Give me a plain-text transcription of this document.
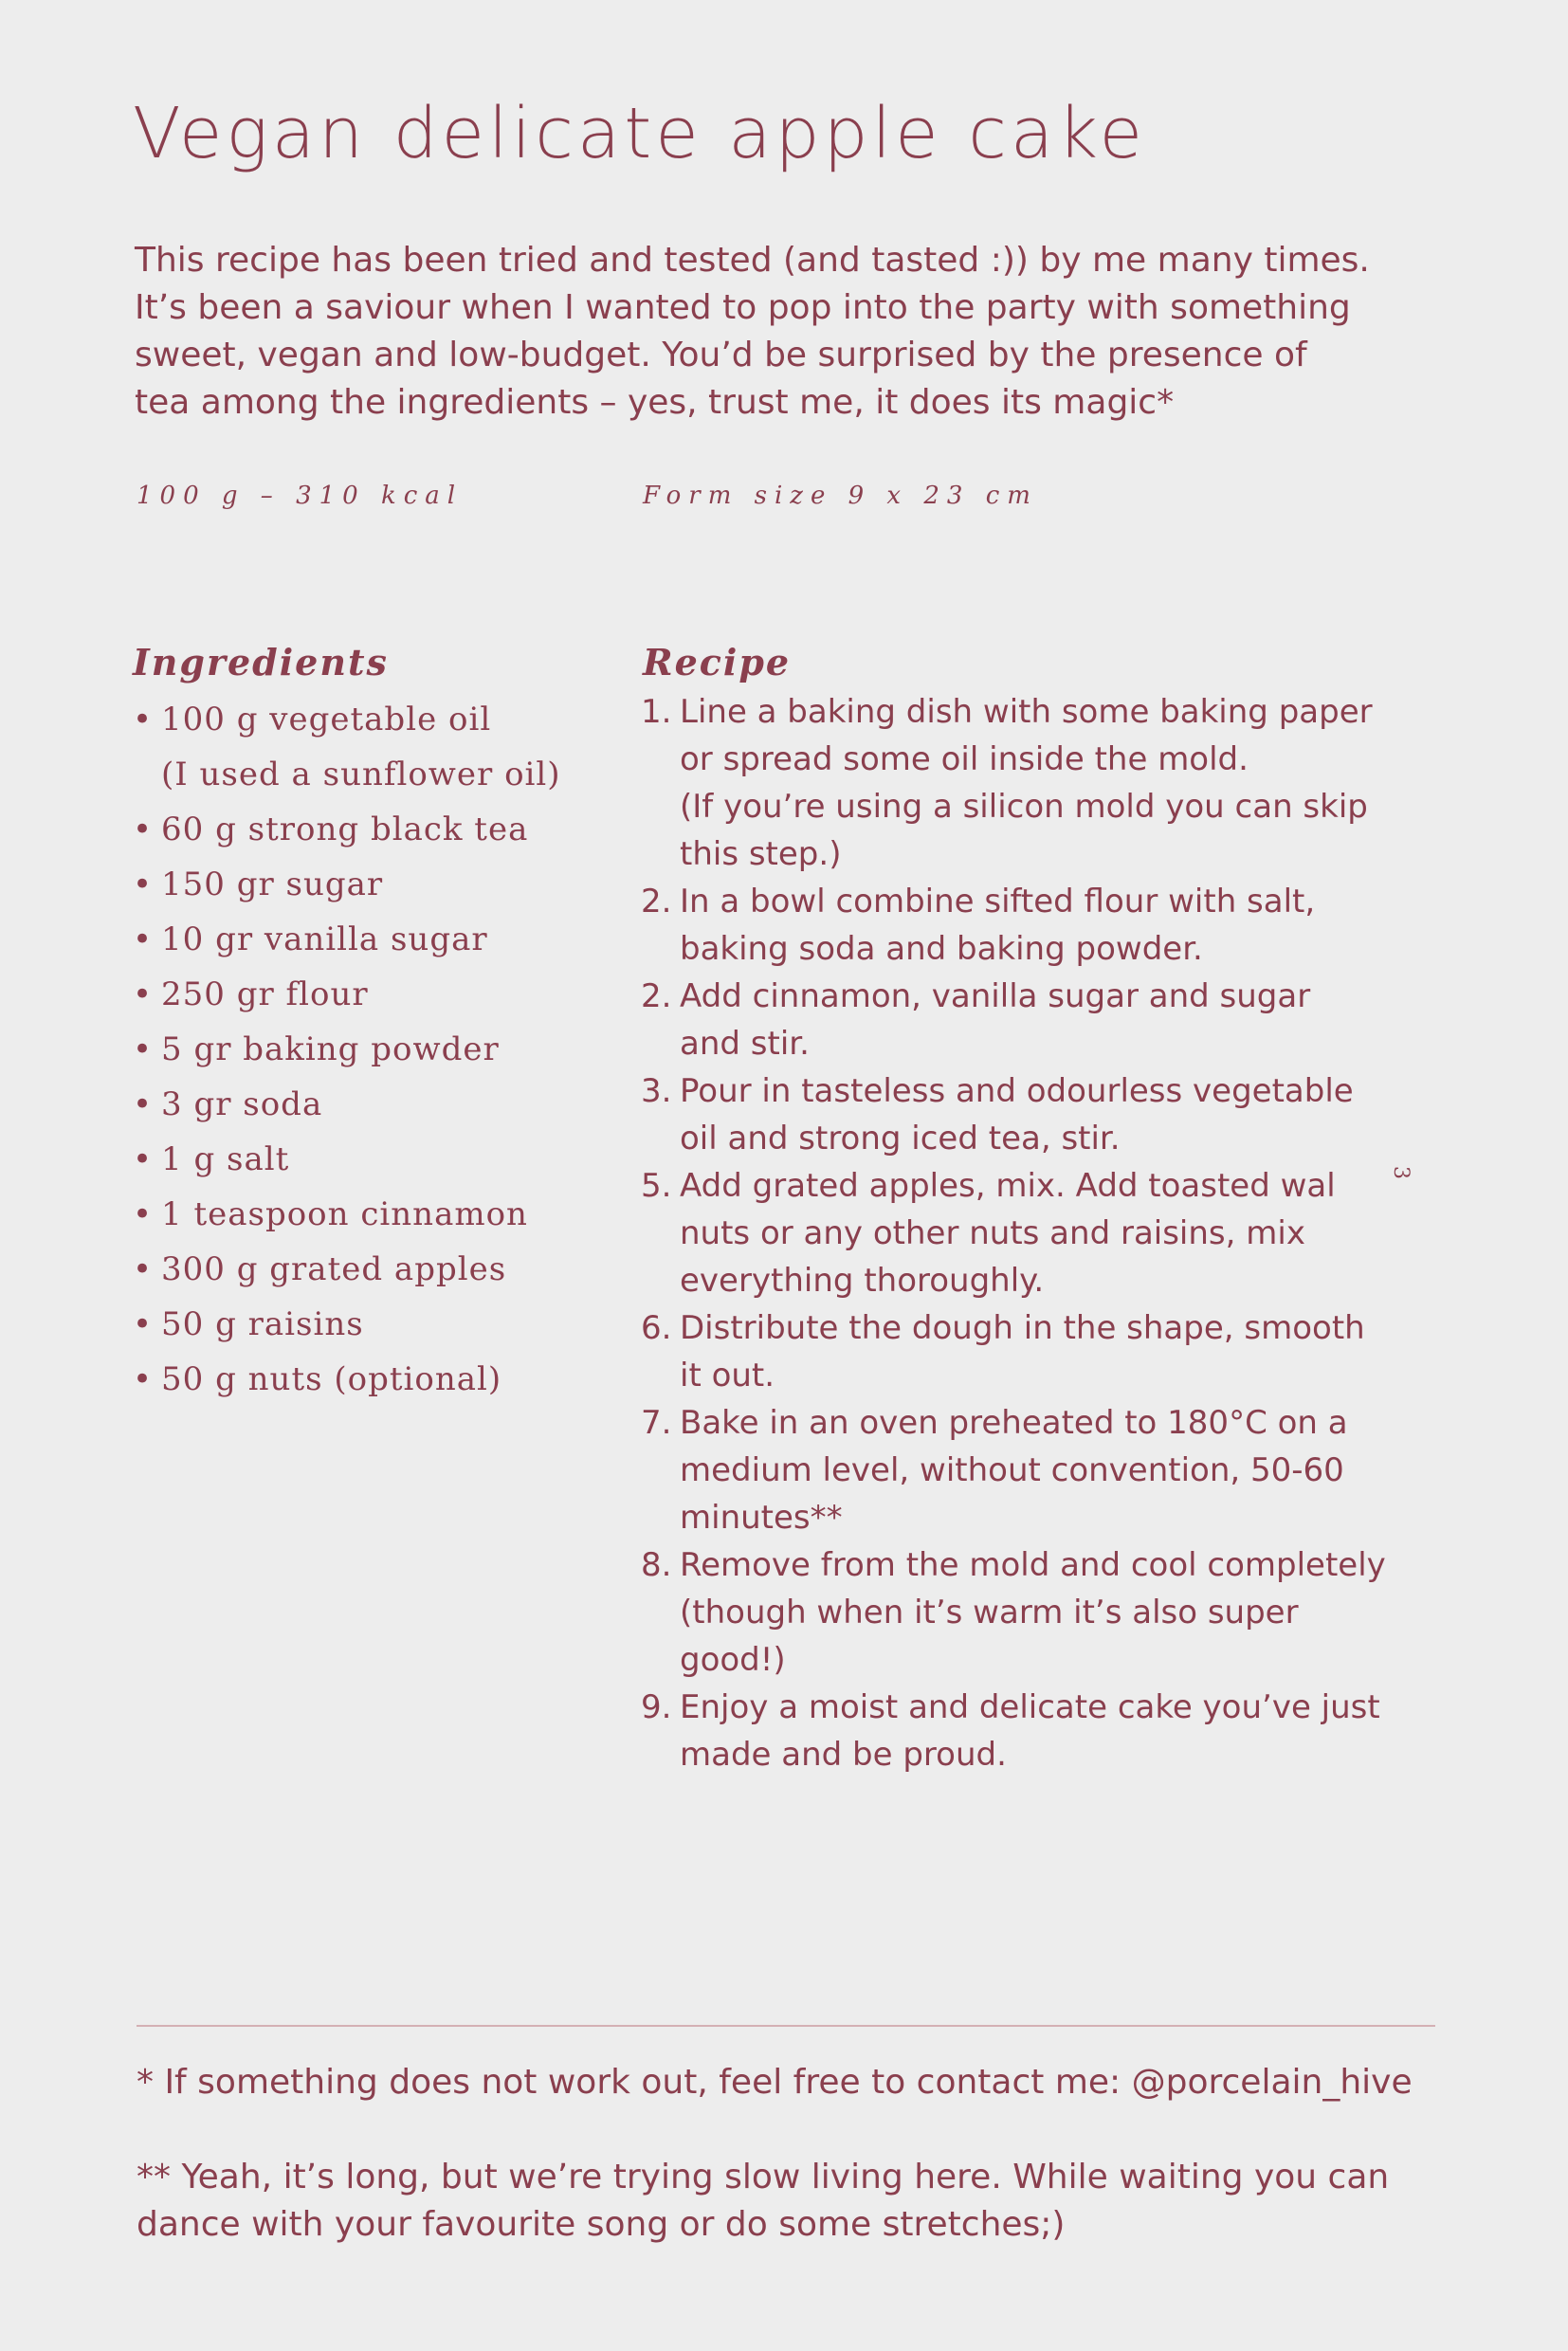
Vegan delicate apple cake

This recipe has been tried and tested (and tasted :)) by me many times.
It’s been a saviour when I wanted to pop into the party with something
sweet, vegan and low-budget. You’d be surprised by the presence of
tea among the ingredients – yes, trust me, it does its magic*

100 g – 310 kcal	Form size 9 x 23 cm
Ingredients
• 100 g vegetable oil
(I used a sunflower oil)
• 60 g strong black tea
• 150 gr sugar
• 10 gr vanilla sugar
• 250 gr flour
• 5 gr baking powder
• 3 gr soda
• 1 g salt
• 1 teaspoon cinnamon
• 300 g grated apples
• 50 g raisins
• 50 g nuts (optional)
Recipe
1. Line a baking dish with some baking paper
or spread some oil inside the mold.
(If you’re using a silicon mold you can skip
this step.)
2. In a bowl combine sifted flour with salt,
baking soda and baking powder.
2. Add cinnamon, vanilla sugar and sugar
and stir.
3. Pour in tasteless and odourless vegetable
oil and strong iced tea, stir.
5. Add grated apples, mix. Add toasted wal
nuts or any other nuts and raisins, mix
everything thoroughly.
6. Distribute the dough in the shape, smooth
it out.
7. Bake in an oven preheated to 180°C on a
medium level, without convention, 50-60
minutes**
8. Remove from the mold and cool completely
(though when it’s warm it’s also super
good!)
9. Enjoy a moist and delicate cake you’ve just
made and be proud.
3

* If something does not work out, feel free to contact me: @porcelain_hive

** Yeah, it’s long, but we’re trying slow living here. While waiting you can
dance with your favourite song or do some stretches;)
